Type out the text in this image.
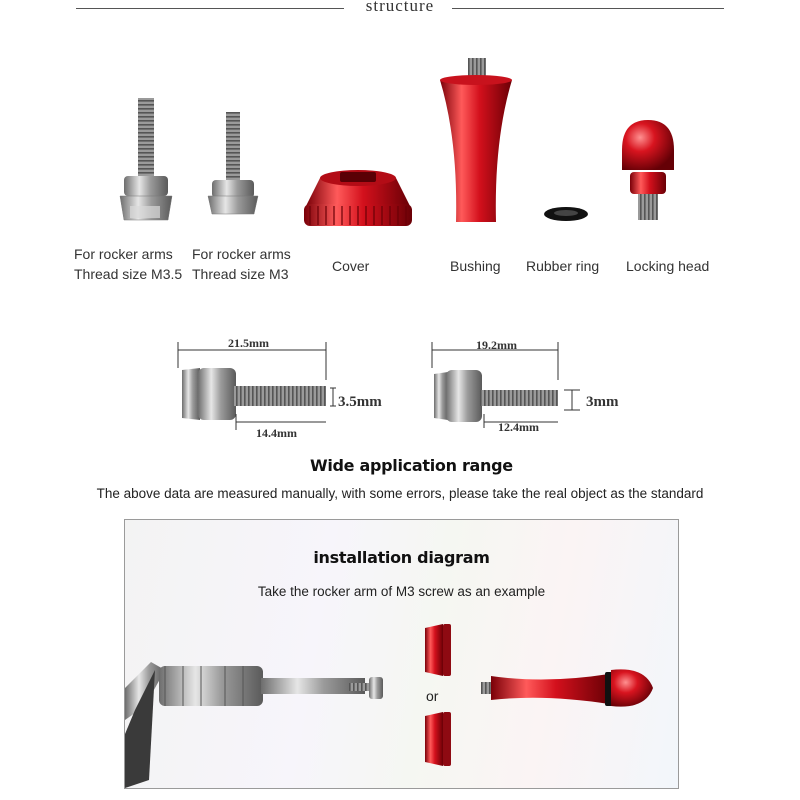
structure
For rocker arms
Thread size M3.5
For rocker arms
Thread size M3	Cover	Bushing Rubber ring Locking head
21.5mm
14.4mm
3.5mm
19.2mm
12.4mm
3mm
Wide application range
The above data are measured manually, with some errors, please take the real object as the standard
installation diagram
Take the rocker arm of M3 screw as an example
or
